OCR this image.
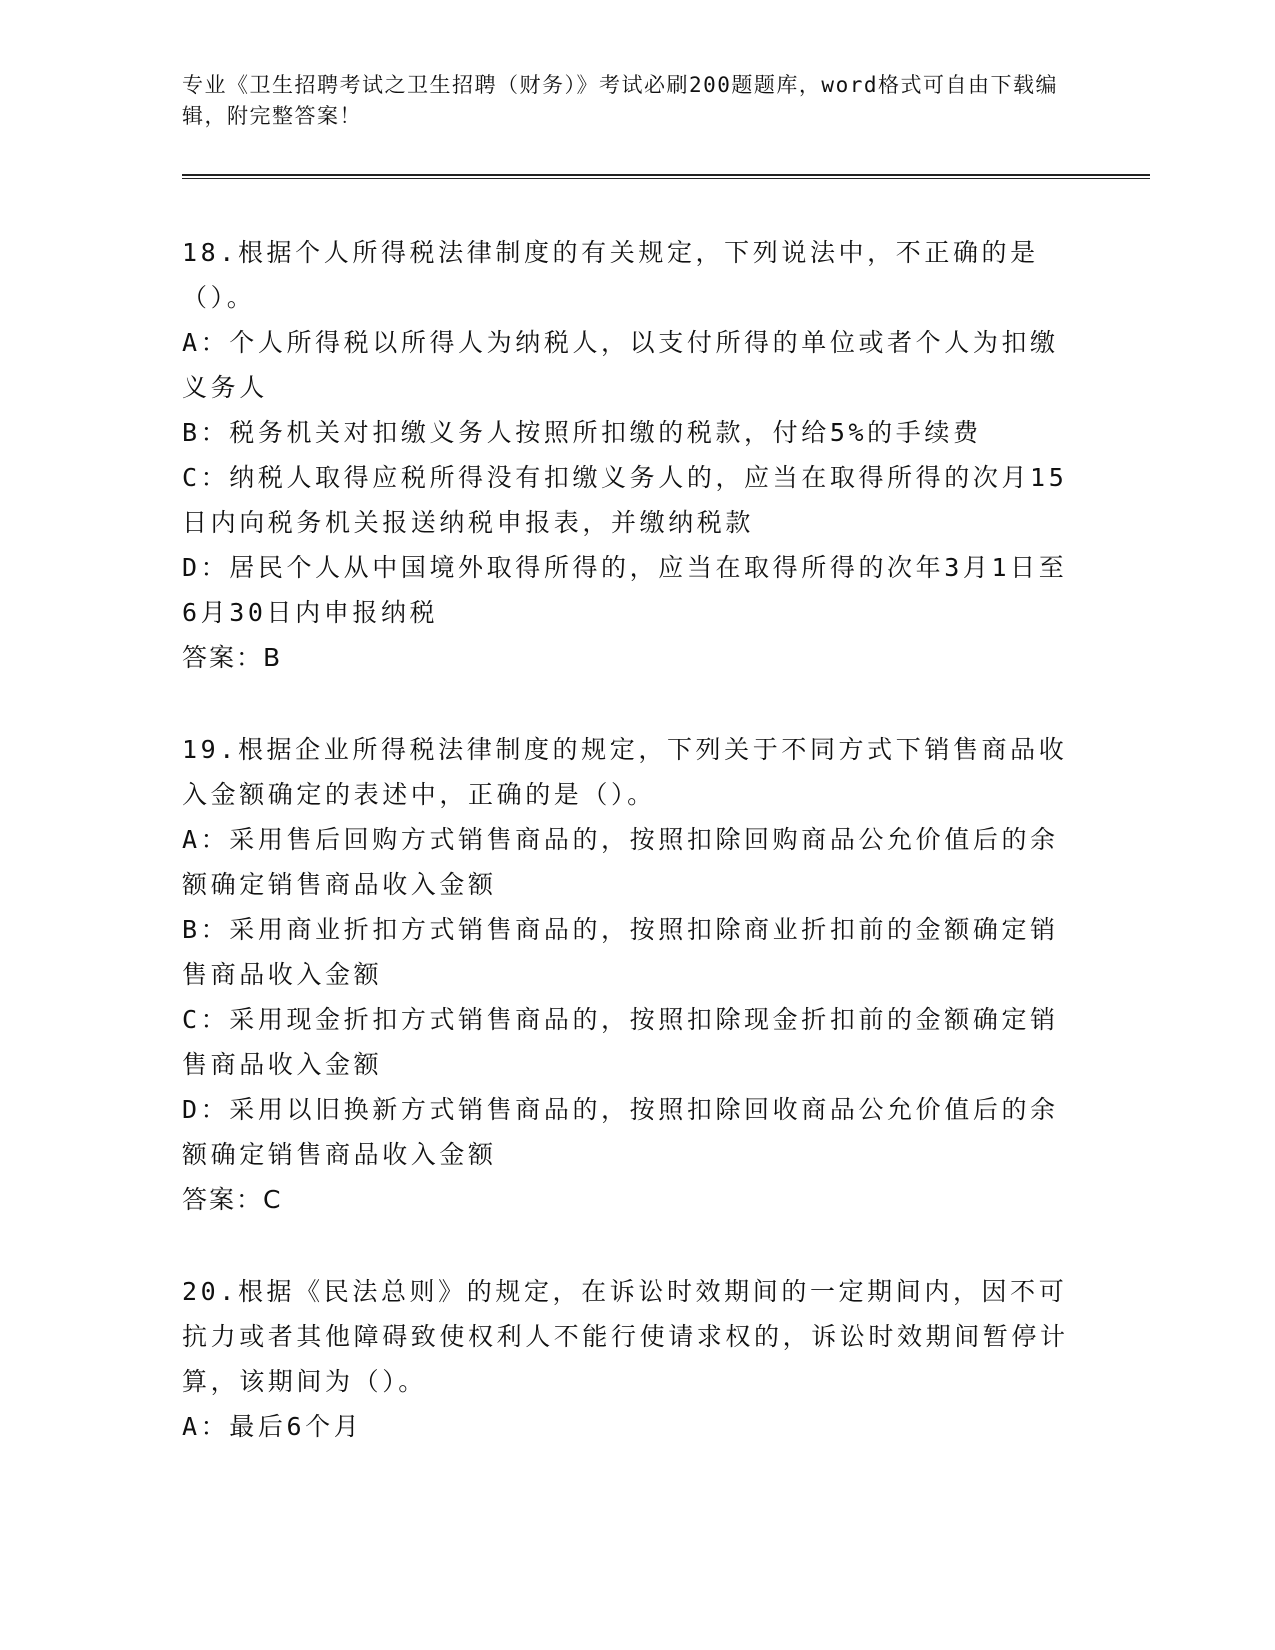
专业《卫生招聘考试之卫生招聘（财务）》考试必刷200题题库，word格式可自由下载编辑，附完整答案！

18.根据个人所得税法律制度的有关规定，下列说法中，不正确的是（）。

A：个人所得税以所得人为纳税人，以支付所得的单位或者个人为扣缴义务人

B：税务机关对扣缴义务人按照所扣缴的税款，付给5%的手续费

C：纳税人取得应税所得没有扣缴义务人的，应当在取得所得的次月15日内向税务机关报送纳税申报表，并缴纳税款

D：居民个人从中国境外取得所得的，应当在取得所得的次年3月1日至6月30日内申报纳税

答案：B

19.根据企业所得税法律制度的规定，下列关于不同方式下销售商品收入金额确定的表述中，正确的是（）。

A：采用售后回购方式销售商品的，按照扣除回购商品公允价值后的余额确定销售商品收入金额

B：采用商业折扣方式销售商品的，按照扣除商业折扣前的金额确定销售商品收入金额

C：采用现金折扣方式销售商品的，按照扣除现金折扣前的金额确定销售商品收入金额

D：采用以旧换新方式销售商品的，按照扣除回收商品公允价值后的余额确定销售商品收入金额

答案：C

20.根据《民法总则》的规定，在诉讼时效期间的一定期间内，因不可抗力或者其他障碍致使权利人不能行使请求权的，诉讼时效期间暂停计算，该期间为（）。

A：最后6个月
